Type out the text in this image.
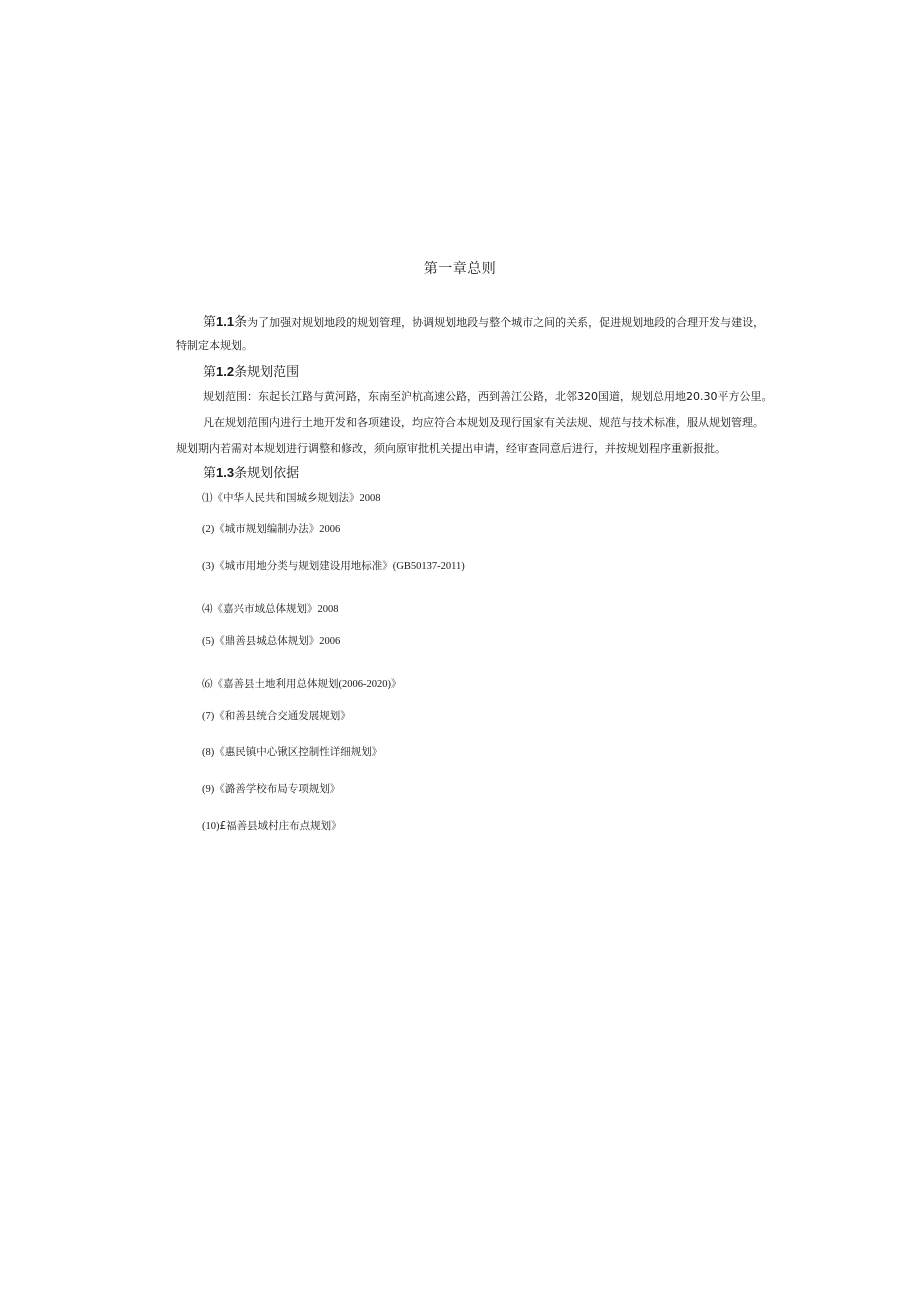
第一章总则
第1.1条为了加强对规划地段的规划管理，协调规划地段与整个城市之间的关系，促进规划地段的合理开发与建设，
特制定本规划。
第1.2条规划范围
规划范围：东起长江路与黄河路，东南至沪杭高速公路，西到善江公路，北邻320国道，规划总用地20.30平方公里。
凡在规划范围内进行土地开发和各项建设，均应符合本规划及现行国家有关法规、规范与技术标准，服从规划管理。
规划期内若需对本规划进行调整和修改，须向原审批机关提出申请，经审查同意后进行，并按规划程序重新报批。
第1.3条规划依据
⑴《中华人民共和国城乡规划法》2008
(2)《城市规划编制办法》2006
(3)《城市用地分类与规划建设用地标准》(GB50137-2011)
⑷《嘉兴市域总体规划》2008
(5)《鼎善县城总体规划》2006
⑹《嘉善县土地利用总体规划(2006-2020)》
(7)《和善县统合交通发展规划》
(8)《惠民镇中心锹区控制性详细规划》
(9)《潞善学校布局专项规划》
(10)£福善县域村庄布点规划》
